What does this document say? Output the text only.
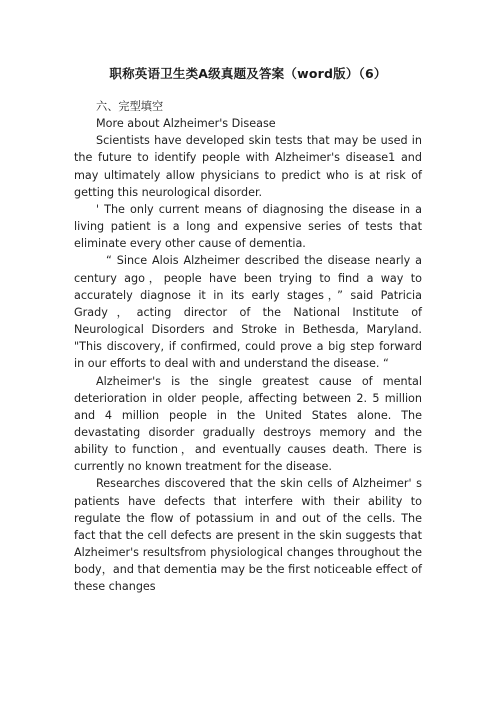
职称英语卫生类A级真题及答案（word版）（6）

六、完型填空

More about Alzheimer's Disease

Scientists have developed skin tests that may be used in the future to identify people with Alzheimer's disease1 and may ultimately allow physicians to predict who is at risk of getting this neurological disorder.

' The only current means of diagnosing the disease in a living patient is a long and expensive series of tests that eliminate every other cause of dementia.

“ Since Alois Alzheimer described the disease nearly a century ago，people have been trying to find a way to accurately diagnose it in its early stages，” said Patricia Grady，acting director of the National Institute of Neurological Disorders and Stroke in Bethesda, Maryland. "This discovery, if confirmed, could prove a big step forward in our efforts to deal with and understand the disease. “

Alzheimer's is the single greatest cause of mental deterioration in older people, affecting between 2. 5 million and 4 million people in the United States alone. The devastating disorder gradually destroys memory and the ability to function，and eventually causes death. There is currently no known treatment for the disease.

Researches discovered that the skin cells of Alzheimer' s patients have defects that interfere with their ability to regulate the flow of potassium in and out of the cells. The fact that the cell defects are present in the skin suggests that Alzheimer's resultsfrom physiological changes throughout the body，and that dementia may be the first noticeable effect of these changes
